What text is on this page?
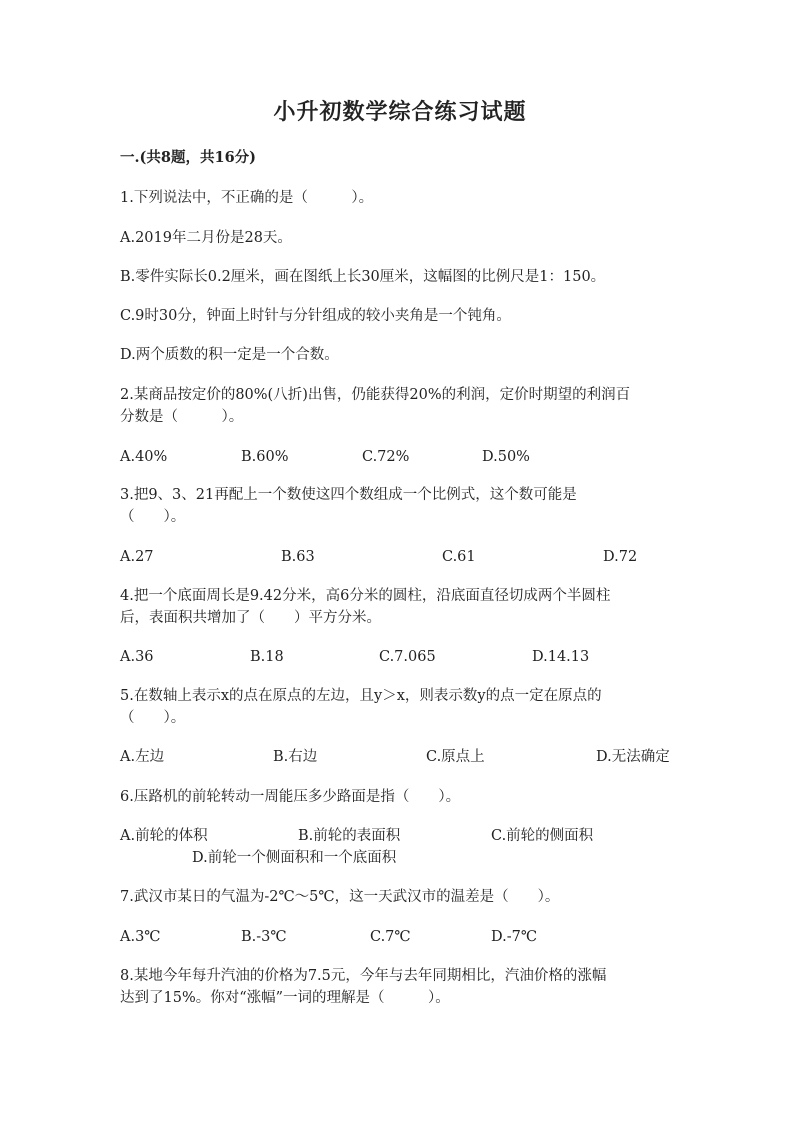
小升初数学综合练习试题
一.(共8题，共16分)
1.下列说法中，不正确的是（　　　）。
A.2019年二月份是28天。
B.零件实际长0.2厘米，画在图纸上长30厘米，这幅图的比例尺是1：150。
C.9时30分，钟面上时针与分针组成的较小夹角是一个钝角。
D.两个质数的积一定是一个合数。
2.某商品按定价的80%(八折)出售，仍能获得20%的利润，定价时期望的利润百
分数是（　　　）。
A.40%	B.60%	C.72%	D.50%
3.把9、3、21再配上一个数使这四个数组成一个比例式，这个数可能是
（　　）。
A.27	B.63	C.61	D.72
4.把一个底面周长是9.42分米，高6分米的圆柱，沿底面直径切成两个半圆柱
后，表面积共增加了（　　）平方分米。
A.36	B.18	C.7.065	D.14.13
5.在数轴上表示x的点在原点的左边，且y＞x，则表示数y的点一定在原点的
（　　）。
A.左边	B.右边	C.原点上	D.无法确定
6.压路机的前轮转动一周能压多少路面是指（　　）。
A.前轮的体积	B.前轮的表面积	C.前轮的侧面积
D.前轮一个侧面积和一个底面积
7.武汉市某日的气温为-2℃～5℃，这一天武汉市的温差是（　　）。
A.3℃	B.-3℃	C.7℃	D.-7℃
8.某地今年每升汽油的价格为7.5元，今年与去年同期相比，汽油价格的涨幅
达到了15%。你对“涨幅”一词的理解是（　　　）。
